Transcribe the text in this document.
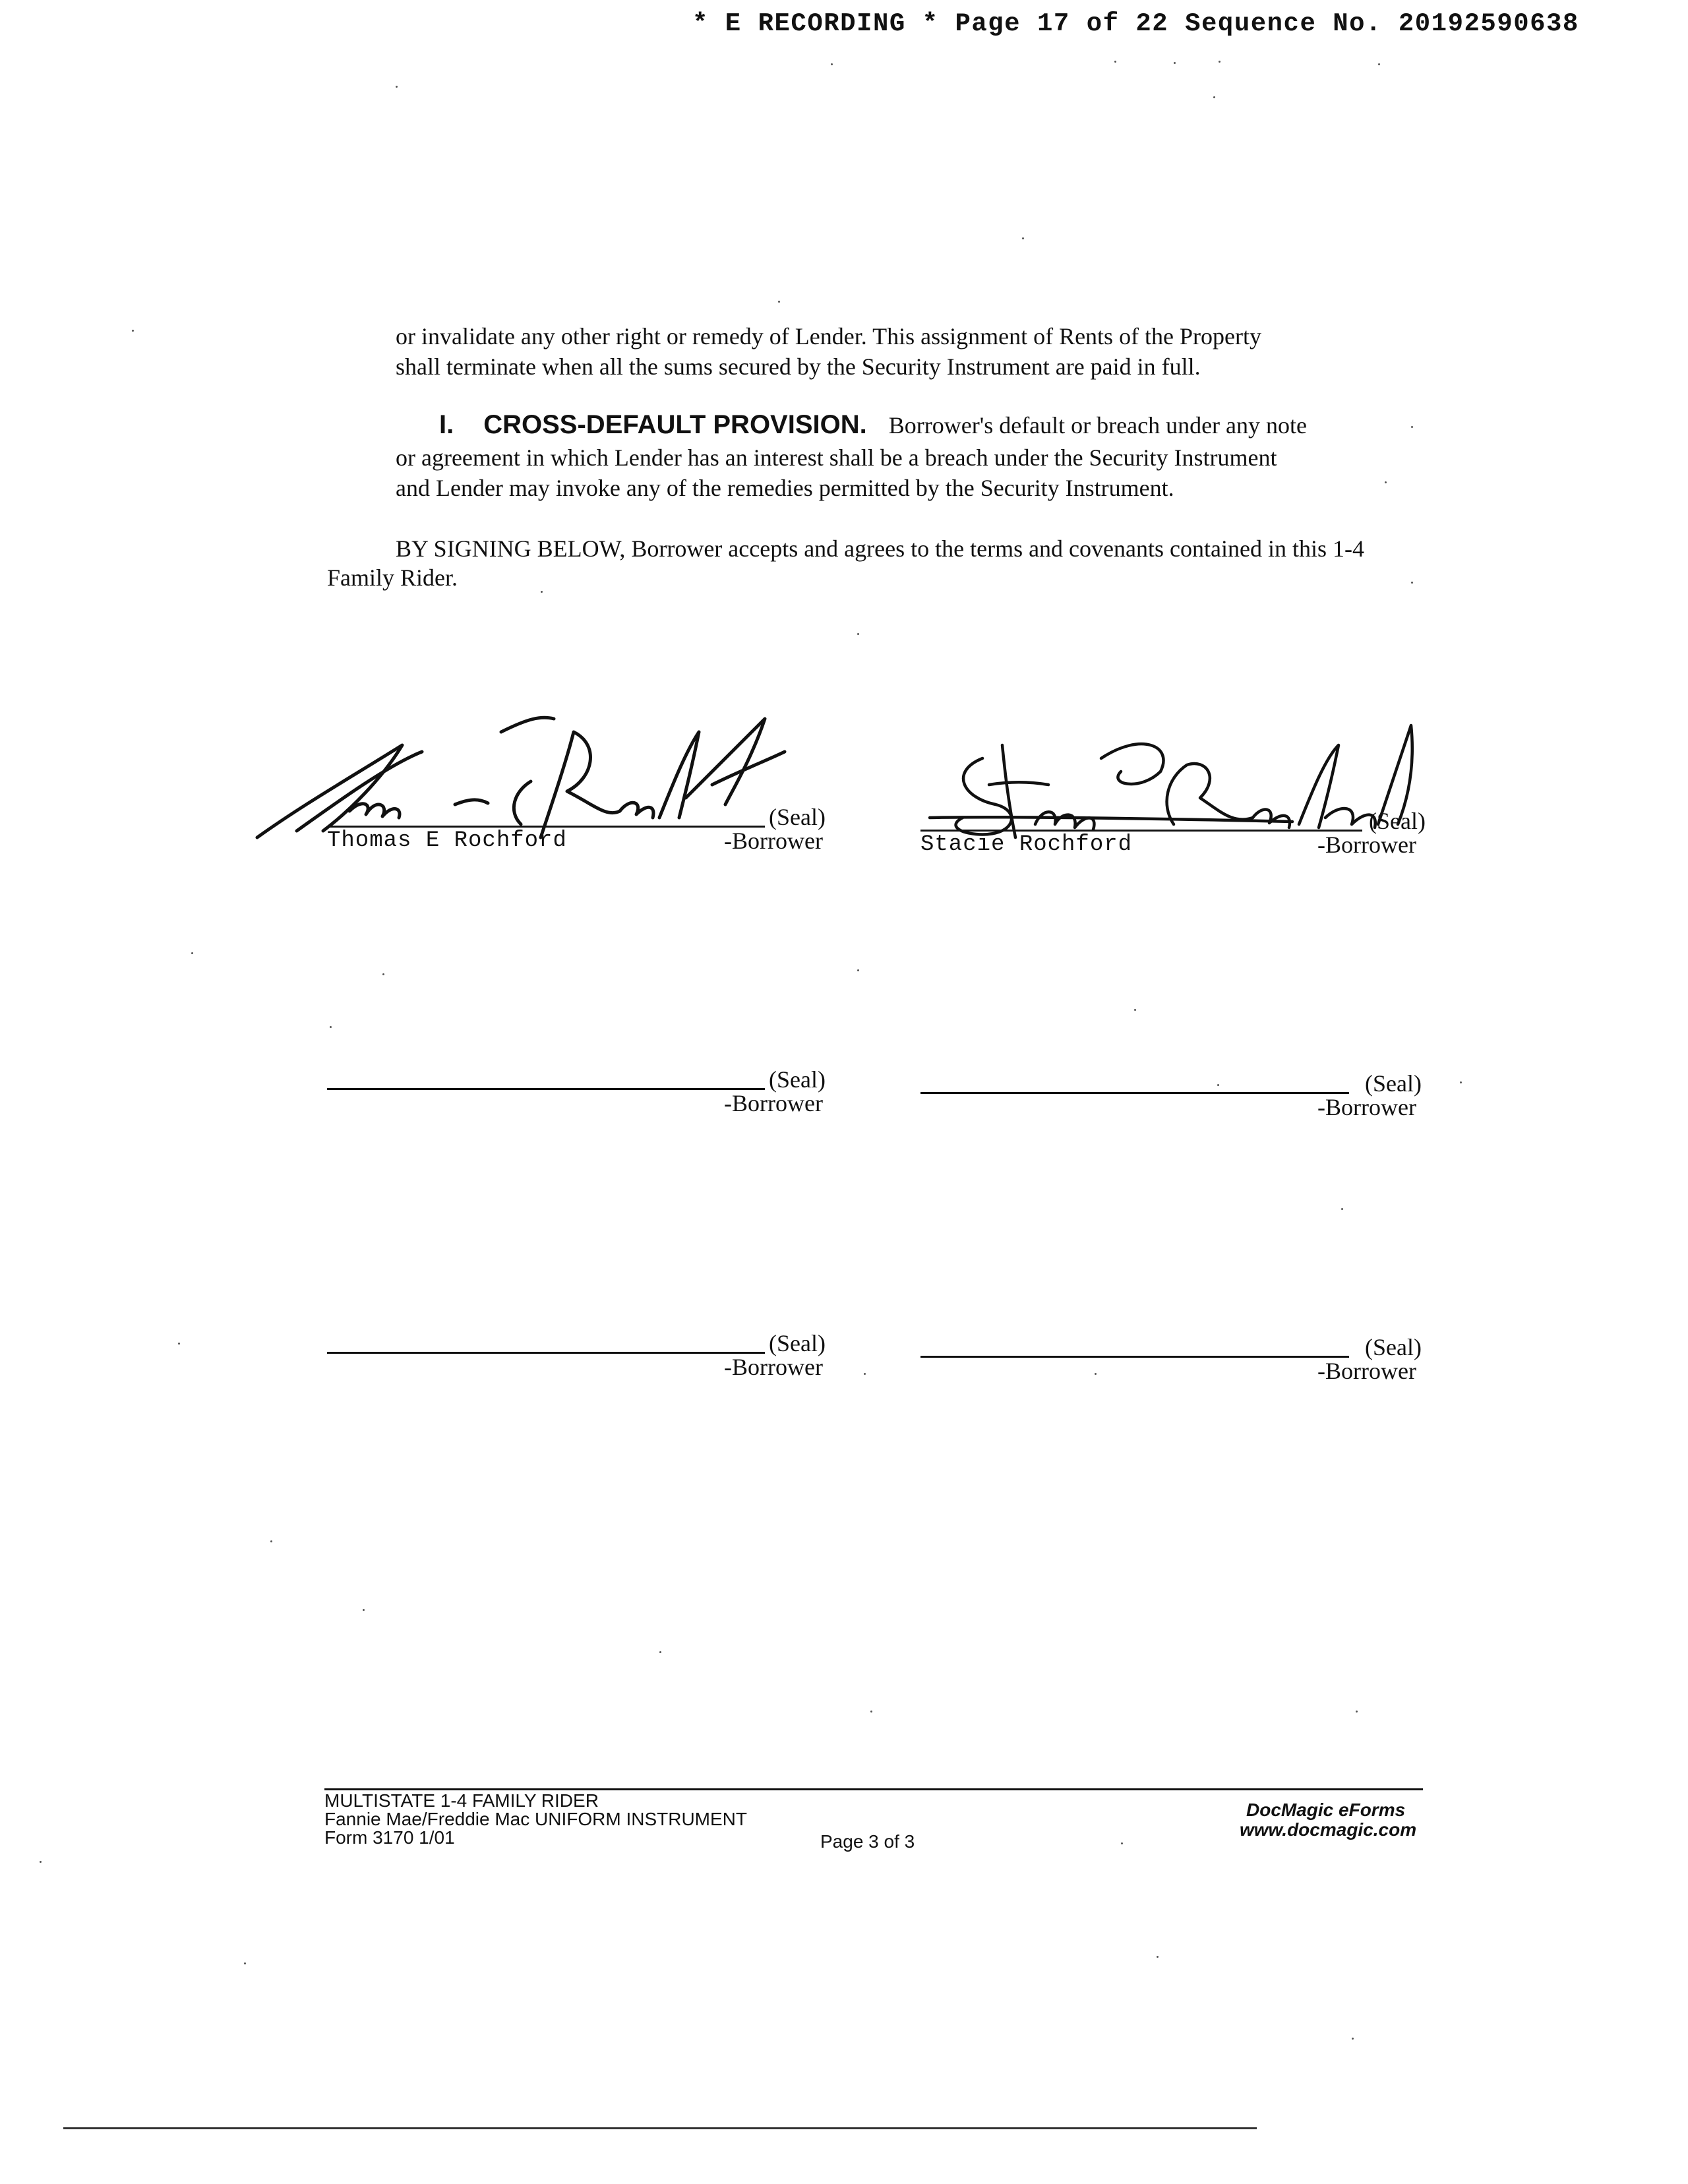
* E RECORDING * Page 17 of 22 Sequence No. 20192590638
or invalidate any other right or remedy of Lender. This assignment of Rents of the Property
shall terminate when all the sums secured by the Security Instrument are paid in full.
I. CROSS-DEFAULT PROVISION. Borrower's default or breach under any note
or agreement in which Lender has an interest shall be a breach under the Security Instrument
and Lender may invoke any of the remedies permitted by the Security Instrument.
BY SIGNING BELOW, Borrower accepts and agrees to the terms and covenants contained in this 1-4
Family Rider.
(Seal)
Thomas E Rochford	-Borrower
(Seal)
Stacie Rochford	-Borrower
(Seal)
-Borrower
(Seal)
-Borrower
(Seal)
-Borrower
(Seal)
-Borrower
MULTISTATE 1-4 FAMILY RIDER
Fannie Mae/Freddie Mac UNIFORM INSTRUMENT
Form 3170 1/01	Page 3 of 3
DocMagic eForms
www.docmagic.com
